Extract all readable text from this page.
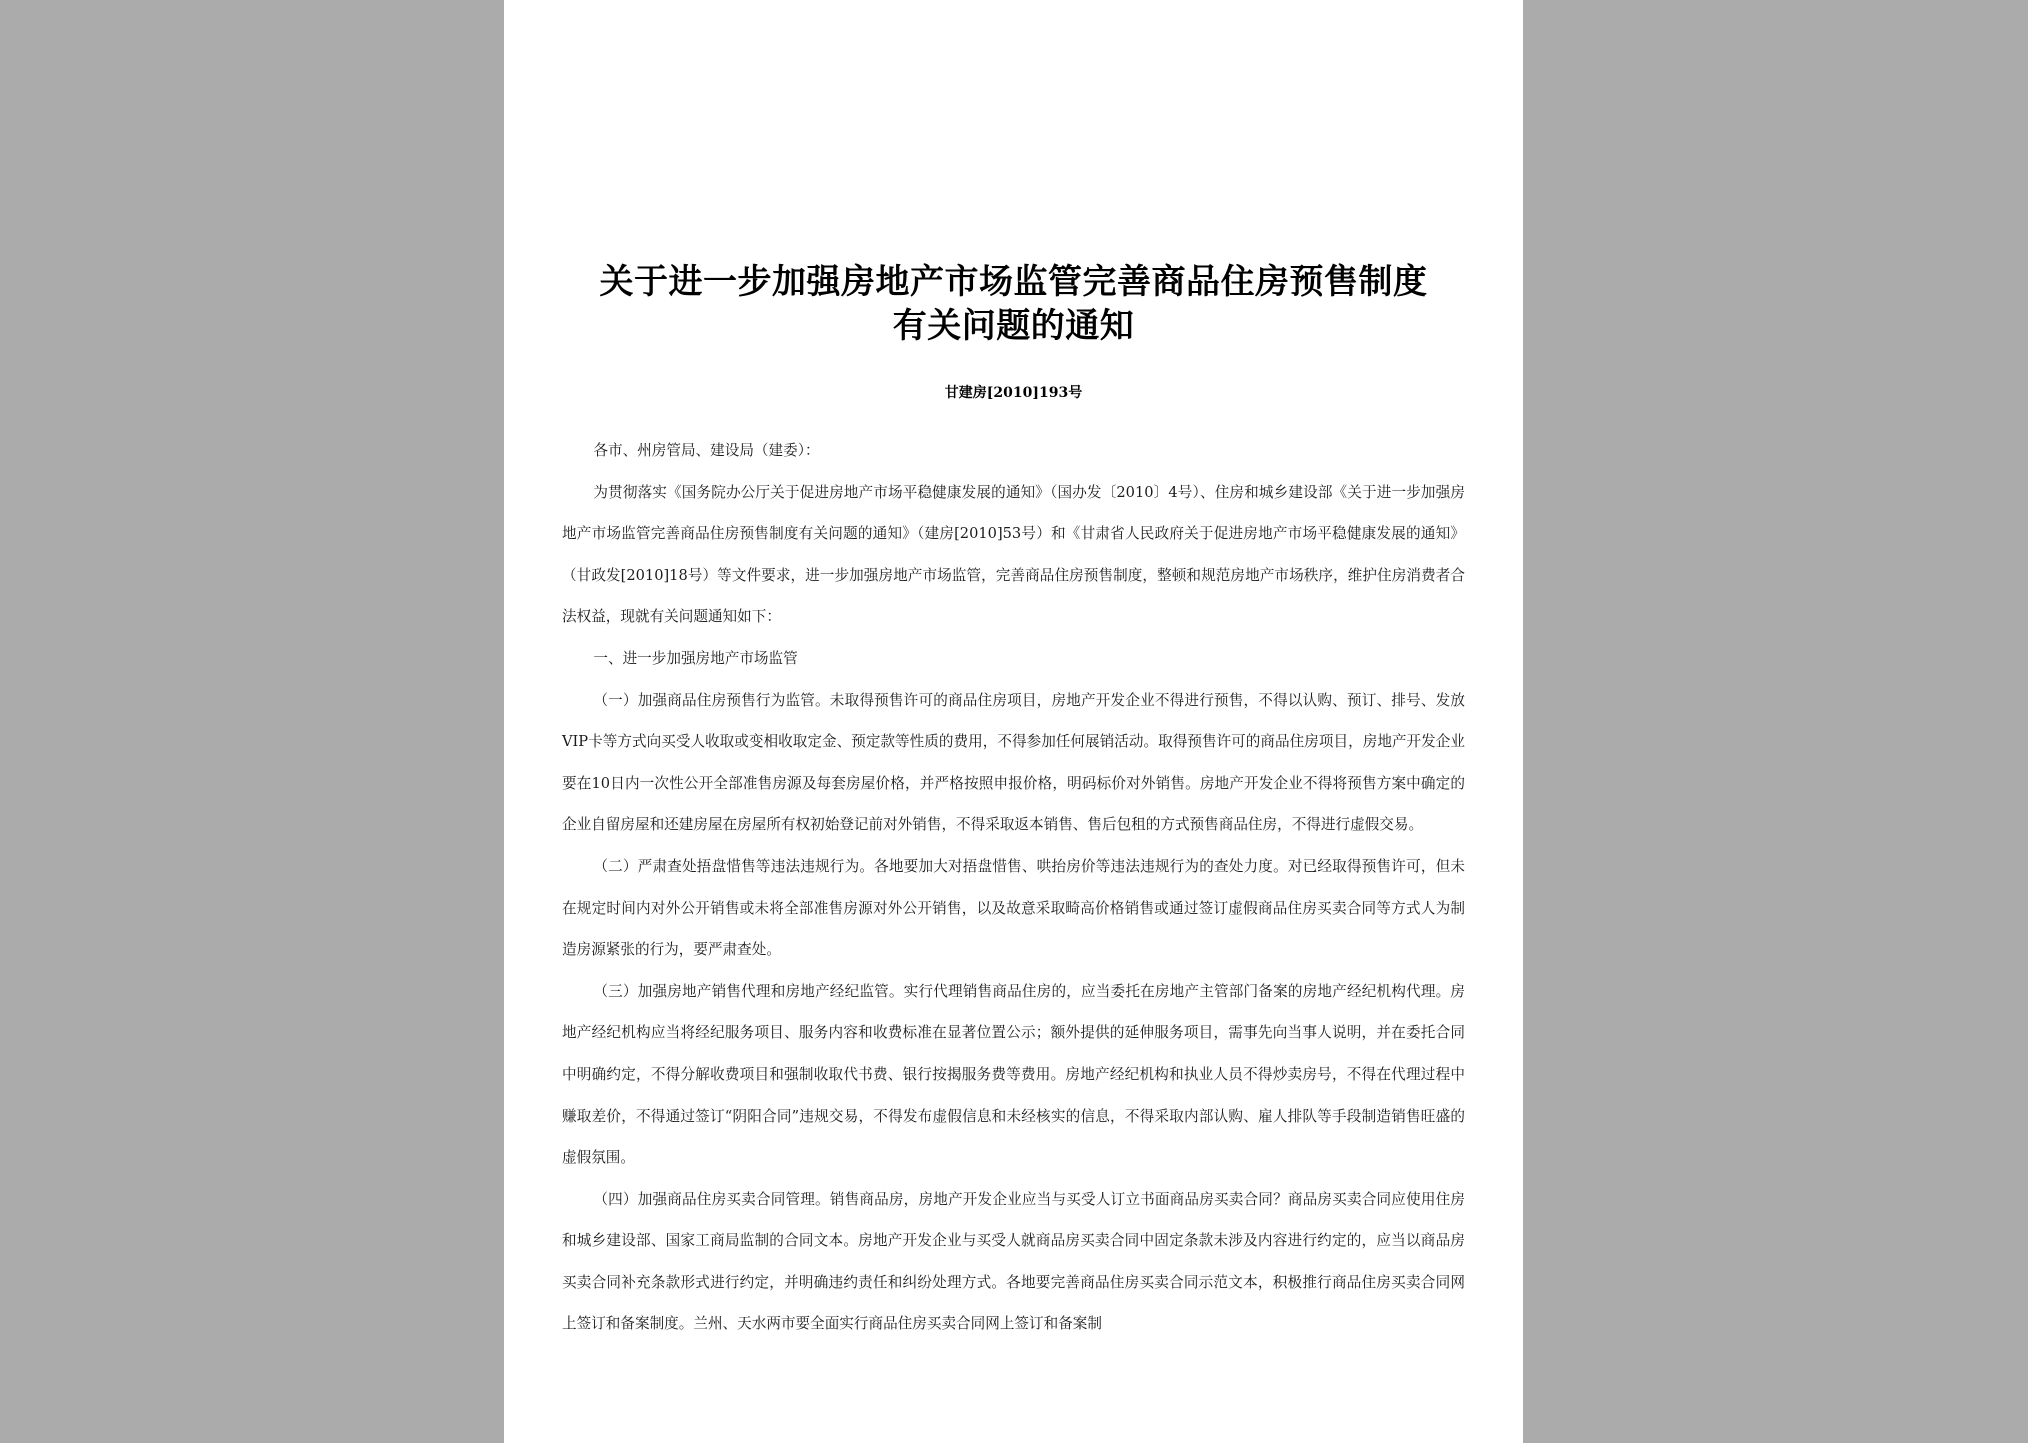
关于进一步加强房地产市场监管完善商品住房预售制度
有关问题的通知
甘建房[2010]193号

各市、州房管局、建设局（建委）：

为贯彻落实《国务院办公厅关于促进房地产市场平稳健康发展的通知》（国办发〔2010〕4号）、住房和城乡建设部《关于进一步加强房地产市场监管完善商品住房预售制度有关问题的通知》（建房[2010]53号）和《甘肃省人民政府关于促进房地产市场平稳健康发展的通知》（甘政发[2010]18号）等文件要求，进一步加强房地产市场监管，完善商品住房预售制度，整顿和规范房地产市场秩序，维护住房消费者合法权益，现就有关问题通知如下：

一、进一步加强房地产市场监管

（一）加强商品住房预售行为监管。未取得预售许可的商品住房项目，房地产开发企业不得进行预售，不得以认购、预订、排号、发放VIP卡等方式向买受人收取或变相收取定金、预定款等性质的费用，不得参加任何展销活动。取得预售许可的商品住房项目，房地产开发企业要在10日内一次性公开全部准售房源及每套房屋价格，并严格按照申报价格，明码标价对外销售。房地产开发企业不得将预售方案中确定的企业自留房屋和还建房屋在房屋所有权初始登记前对外销售，不得采取返本销售、售后包租的方式预售商品住房，不得进行虚假交易。

（二）严肃查处捂盘惜售等违法违规行为。各地要加大对捂盘惜售、哄抬房价等违法违规行为的查处力度。对已经取得预售许可，但未在规定时间内对外公开销售或未将全部准售房源对外公开销售，以及故意采取畸高价格销售或通过签订虚假商品住房买卖合同等方式人为制造房源紧张的行为，要严肃查处。

（三）加强房地产销售代理和房地产经纪监管。实行代理销售商品住房的，应当委托在房地产主管部门备案的房地产经纪机构代理。房地产经纪机构应当将经纪服务项目、服务内容和收费标准在显著位置公示；额外提供的延伸服务项目，需事先向当事人说明，并在委托合同中明确约定，不得分解收费项目和强制收取代书费、银行按揭服务费等费用。房地产经纪机构和执业人员不得炒卖房号，不得在代理过程中赚取差价，不得通过签订“阴阳合同”违规交易，不得发布虚假信息和未经核实的信息，不得采取内部认购、雇人排队等手段制造销售旺盛的虚假氛围。

（四）加强商品住房买卖合同管理。销售商品房，房地产开发企业应当与买受人订立书面商品房买卖合同？商品房买卖合同应使用住房和城乡建设部、国家工商局监制的合同文本。房地产开发企业与买受人就商品房买卖合同中固定条款未涉及内容进行约定的，应当以商品房买卖合同补充条款形式进行约定，并明确违约责任和纠纷处理方式。各地要完善商品住房买卖合同示范文本，积极推行商品住房买卖合同网上签订和备案制度。兰州、天水两市要全面实行商品住房买卖合同网上签订和备案制
